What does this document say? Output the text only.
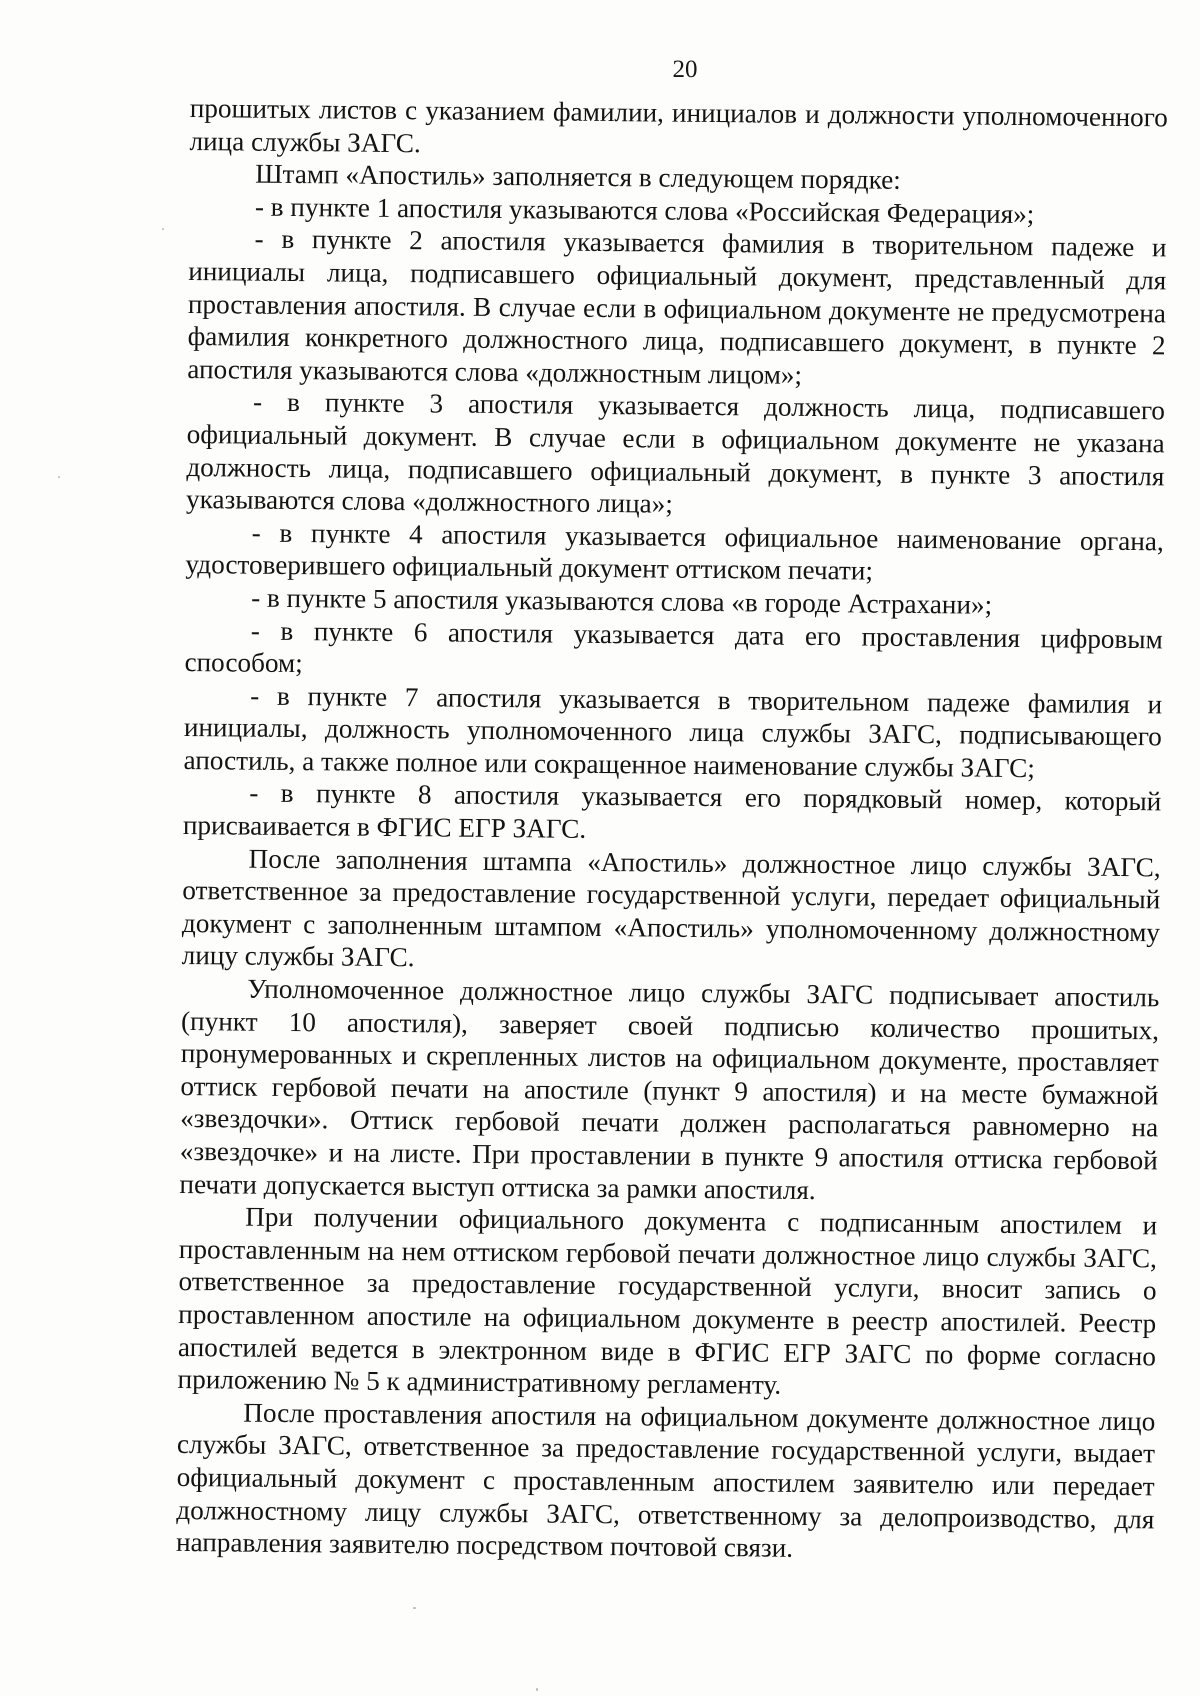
20

прошитых листов с указанием фамилии, инициалов и должности уполномоченного лица службы ЗАГС.

Штамп «Апостиль» заполняется в следующем порядке:

- в пункте 1 апостиля указываются слова «Российская Федерация»;

- в пункте 2 апостиля указывается фамилия в творительном падеже и инициалы лица, подписавшего официальный документ, представленный для проставления апостиля. В случае если в официальном документе не предусмотрена фамилия конкретного должностного лица, подписавшего документ, в пункте 2 апостиля указываются слова «должностным лицом»;

- в пункте 3 апостиля указывается должность лица, подписавшего официальный документ. В случае если в официальном документе не указана должность лица, подписавшего официальный документ, в пункте 3 апостиля указываются слова «должностного лица»;

- в пункте 4 апостиля указывается официальное наименование органа, удостоверившего официальный документ оттиском печати;

- в пункте 5 апостиля указываются слова «в городе Астрахани»;

- в пункте 6 апостиля указывается дата его проставления цифровым способом;

- в пункте 7 апостиля указывается в творительном падеже фамилия и инициалы, должность уполномоченного лица службы ЗАГС, подписывающего апостиль, а также полное или сокращенное наименование службы ЗАГС;

- в пункте 8 апостиля указывается его порядковый номер, который присваивается в ФГИС ЕГР ЗАГС.

После заполнения штампа «Апостиль» должностное лицо службы ЗАГС, ответственное за предоставление государственной услуги, передает официальный документ с заполненным штампом «Апостиль» уполномоченному должностному лицу службы ЗАГС.

Уполномоченное должностное лицо службы ЗАГС подписывает апостиль (пункт 10 апостиля), заверяет своей подписью количество прошитых, пронумерованных и скрепленных листов на официальном документе, проставляет оттиск гербовой печати на апостиле (пункт 9 апостиля) и на месте бумажной «звездочки». Оттиск гербовой печати должен располагаться равномерно на «звездочке» и на листе. При проставлении в пункте 9 апостиля оттиска гербовой печати допускается выступ оттиска за рамки апостиля.

При получении официального документа с подписанным апостилем и проставленным на нем оттиском гербовой печати должностное лицо службы ЗАГС, ответственное за предоставление государственной услуги, вносит запись о проставленном апостиле на официальном документе в реестр апостилей. Реестр апостилей ведется в электронном виде в ФГИС ЕГР ЗАГС по форме согласно приложению № 5 к административному регламенту.

После проставления апостиля на официальном документе должностное лицо службы ЗАГС, ответственное за предоставление государственной услуги, выдает официальный документ с проставленным апостилем заявителю или передает должностному лицу службы ЗАГС, ответственному за делопроизводство, для направления заявителю посредством почтовой связи.
